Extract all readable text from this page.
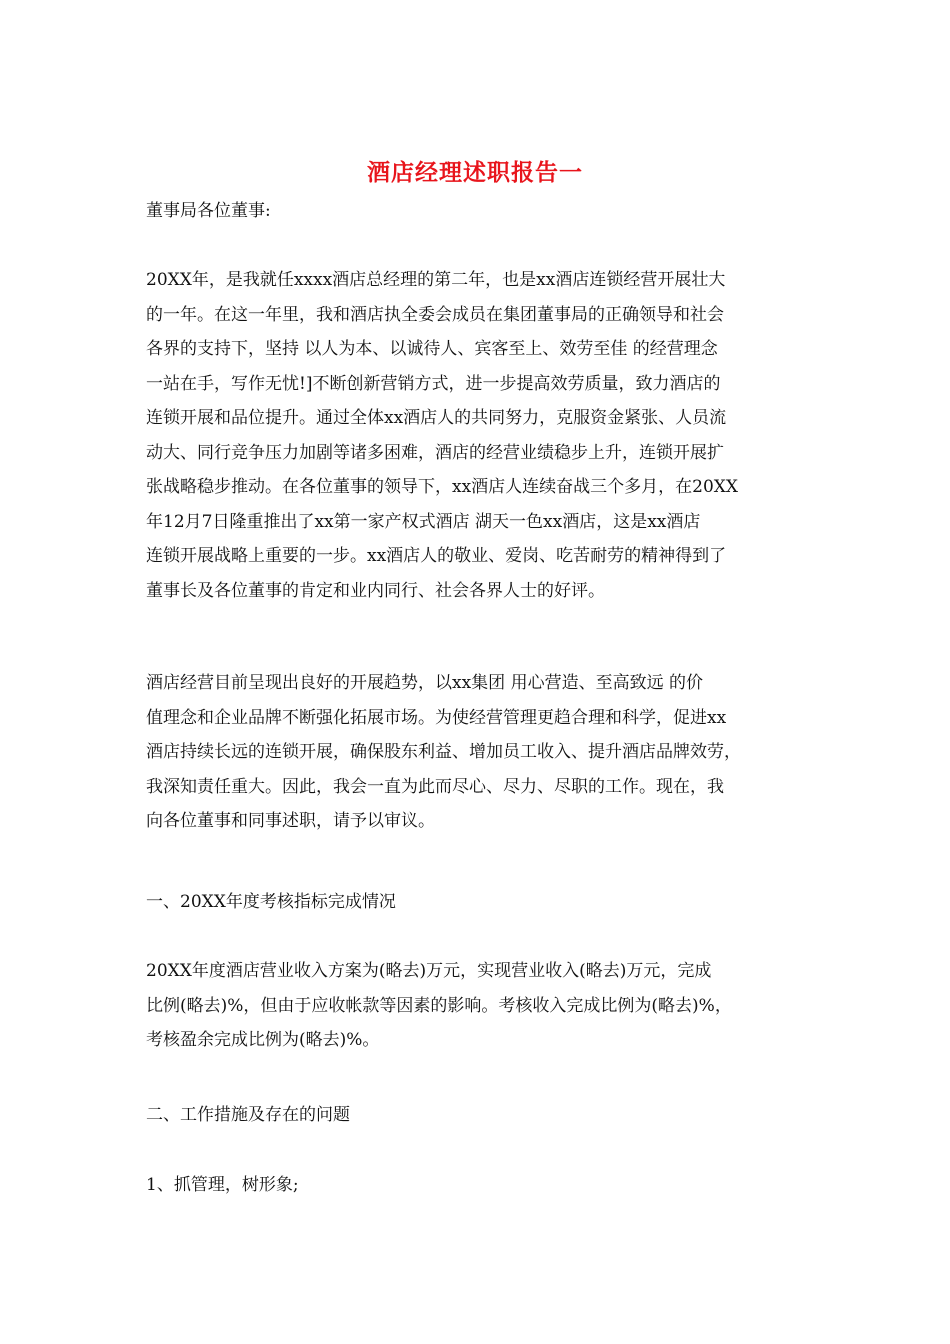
酒店经理述职报告一
董事局各位董事:
20XX年，是我就任xxxx酒店总经理的第二年，也是xx酒店连锁经营开展壮大
的一年。在这一年里，我和酒店执全委会成员在集团董事局的正确领导和社会
各界的支持下，坚持 以人为本、以诚待人、宾客至上、效劳至佳 的经营理念
一站在手，写作无忧!]不断创新营销方式，进一步提高效劳质量，致力酒店的
连锁开展和品位提升。通过全体xx酒店人的共同努力，克服资金紧张、人员流
动大、同行竞争压力加剧等诸多困难，酒店的经营业绩稳步上升，连锁开展扩
张战略稳步推动。在各位董事的领导下，xx酒店人连续奋战三个多月，在20XX
年12月7日隆重推出了xx第一家产权式酒店 湖天一色xx酒店，这是xx酒店
连锁开展战略上重要的一步。xx酒店人的敬业、爱岗、吃苦耐劳的精神得到了
董事长及各位董事的肯定和业内同行、社会各界人士的好评。
酒店经营目前呈现出良好的开展趋势，以xx集团 用心营造、至高致远 的价
值理念和企业品牌不断强化拓展市场。为使经营管理更趋合理和科学，促进xx
酒店持续长远的连锁开展，确保股东利益、增加员工收入、提升酒店品牌效劳，
我深知责任重大。因此，我会一直为此而尽心、尽力、尽职的工作。现在，我
向各位董事和同事述职，请予以审议。
一、20XX年度考核指标完成情况
20XX年度酒店营业收入方案为(略去)万元，实现营业收入(略去)万元，完成
比例(略去)%，但由于应收帐款等因素的影响。考核收入完成比例为(略去)%，
考核盈余完成比例为(略去)%。
二、工作措施及存在的问题
1、抓管理，树形象;
